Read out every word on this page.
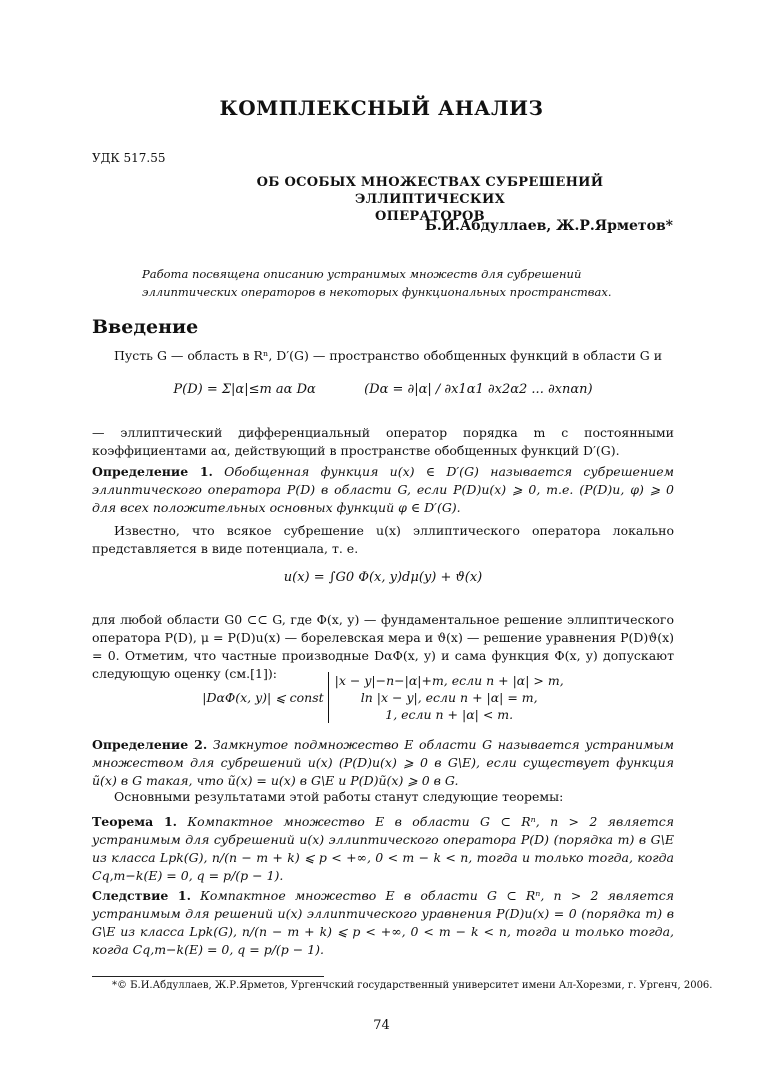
КОМПЛЕКСНЫЙ АНАЛИЗ
УДК 517.55
ОБ ОСОБЫХ МНОЖЕСТВАХ СУБРЕШЕНИЙ ЭЛЛИПТИЧЕСКИХ
ОПЕРАТОРОВ
Б.И.Абдуллаев, Ж.Р.Ярметов*
Работа посвящена описанию устранимых множеств для субрешений эллиптических операторов в некоторых функциональных пространствах.
Введение
Пусть G — область в Rⁿ, D′(G) — пространство обобщенных функций в области G и
P(D) = Σ|α|≤m aα Dα	(Dα = ∂|α| / ∂x1α1 ∂x2α2 ... ∂xnαn)
— эллиптический дифференциальный оператор порядка m с постоянными коэффициентами aα, действующий в пространстве обобщенных функций D′(G).
Определение 1. Обобщенная функция u(x) ∈ D′(G) называется субрешением эллиптического оператора P(D) в области G, если P(D)u(x) ⩾ 0, т.е. (P(D)u, φ) ⩾ 0 для всех положительных основных функций φ ∈ D′(G).
Известно, что всякое субрешение u(x) эллиптического оператора локально представляется в виде потенциала, т. е.
u(x) = ∫G0 Φ(x, y)dμ(y) + ϑ(x)
для любой области G0 ⊂⊂ G, где Φ(x, y) — фундаментальное решение эллиптического оператора P(D), μ = P(D)u(x) — борелевская мера и ϑ(x) — решение уравнения P(D)ϑ(x) = 0. Отметим, что частные производные DαΦ(x, y) и сама функция Φ(x, y) допускают следующую оценку (см.[1]):
|DαΦ(x, y)| ⩽ const
|x − y|−n−|α|+m, если n + |α| > m,
ln |x − y|, если n + |α| = m,
1, если n + |α| < m.
Определение 2. Замкнутое подмножество E области G называется устранимым множеством для субрешений u(x) (P(D)u(x) ⩾ 0 в G\E), если существует функция ũ(x) в G такая, что ũ(x) = u(x) в G\E и P(D)ũ(x) ⩾ 0 в G.
Основными результатами этой работы станут следующие теоремы:
Теорема 1. Компактное множество E в области G ⊂ Rⁿ, n > 2 является устранимым для субрешений u(x) эллиптического оператора P(D) (порядка m) в G\E из класса Lpk(G), n/(n − m + k) ⩽ p < +∞, 0 < m − k < n, тогда и только тогда, когда Cq,m−k(E) = 0, q = p/(p − 1).
Следствие 1. Компактное множество E в области G ⊂ Rⁿ, n > 2 является устранимым для решений u(x) эллиптического уравнения P(D)u(x) = 0 (порядка m) в G\E из класса Lpk(G), n/(n − m + k) ⩽ p < +∞, 0 < m − k < n, тогда и только тогда, когда Cq,m−k(E) = 0, q = p/(p − 1).
*© Б.И.Абдуллаев, Ж.Р.Ярметов, Ургенчский государственный университет имени Ал-Хорезми, г. Ургенч, 2006.
74
